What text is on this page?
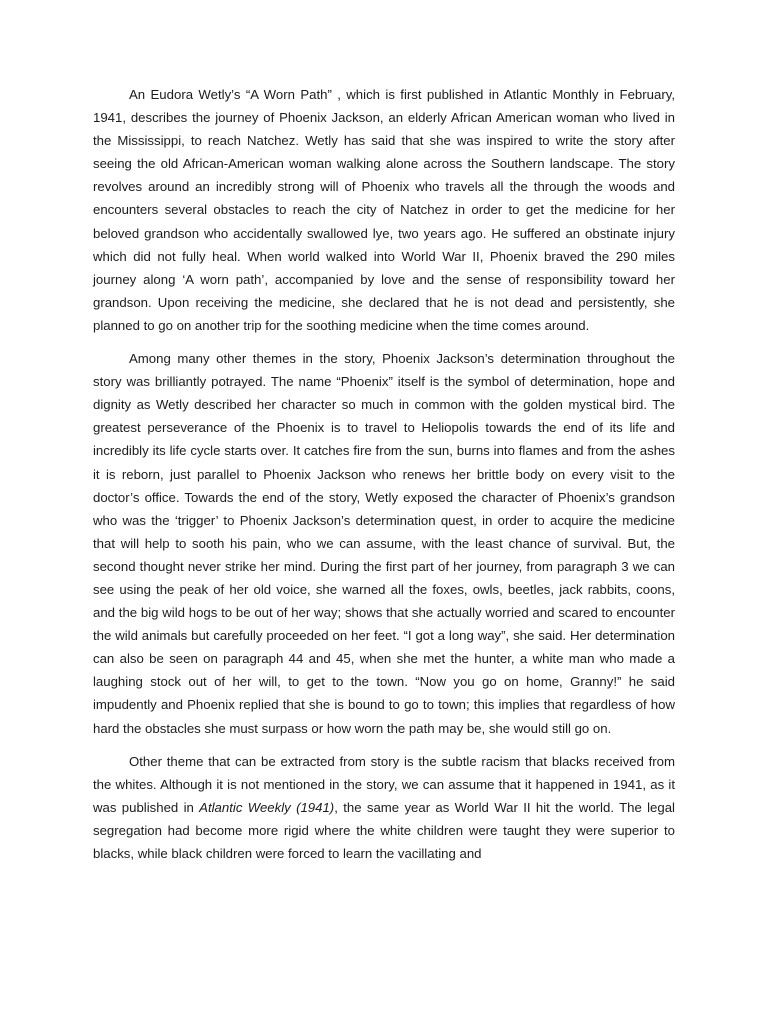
An Eudora Wetly’s “A Worn Path” , which is first published in Atlantic Monthly in February, 1941, describes the journey of Phoenix Jackson, an elderly African American woman who lived in the Mississippi, to reach Natchez. Wetly has said that she was inspired to write the story after seeing the old African-American woman walking alone across the Southern landscape. The story revolves around an incredibly strong will of Phoenix who travels all the through the woods and encounters several obstacles to reach the city of Natchez in order to get the medicine for her beloved grandson who accidentally swallowed lye, two years ago. He suffered an obstinate injury which did not fully heal. When world walked into World War II, Phoenix braved the 290 miles journey along ‘A worn path’, accompanied by love and the sense of responsibility toward her grandson. Upon receiving the medicine, she declared that he is not dead and persistently, she planned to go on another trip for the soothing medicine when the time comes around.

Among many other themes in the story, Phoenix Jackson’s determination throughout the story was brilliantly potrayed. The name “Phoenix” itself is the symbol of determination, hope and dignity as Wetly described her character so much in common with the golden mystical bird. The greatest perseverance of the Phoenix is to travel to Heliopolis towards the end of its life and incredibly its life cycle starts over. It catches fire from the sun, burns into flames and from the ashes it is reborn, just parallel to Phoenix Jackson who renews her brittle body on every visit to the doctor’s office. Towards the end of the story, Wetly exposed the character of Phoenix’s grandson who was the ‘trigger’ to Phoenix Jackson’s determination quest, in order to acquire the medicine that will help to sooth his pain, who we can assume, with the least chance of survival. But, the second thought never strike her mind. During the first part of her journey, from paragraph 3 we can see using the peak of her old voice, she warned all the foxes, owls, beetles, jack rabbits, coons, and the big wild hogs to be out of her way; shows that she actually worried and scared to encounter the wild animals but carefully proceeded on her feet. “I got a long way”, she said. Her determination can also be seen on paragraph 44 and 45, when she met the hunter, a white man who made a laughing stock out of her will, to get to the town. “Now you go on home, Granny!” he said impudently and Phoenix replied that she is bound to go to town; this implies that regardless of how hard the obstacles she must surpass or how worn the path may be, she would still go on.

Other theme that can be extracted from story is the subtle racism that blacks received from the whites. Although it is not mentioned in the story, we can assume that it happened in 1941, as it was published in Atlantic Weekly (1941), the same year as World War II hit the world. The legal segregation had become more rigid where the white children were taught they were superior to blacks, while black children were forced to learn the vacillating and
